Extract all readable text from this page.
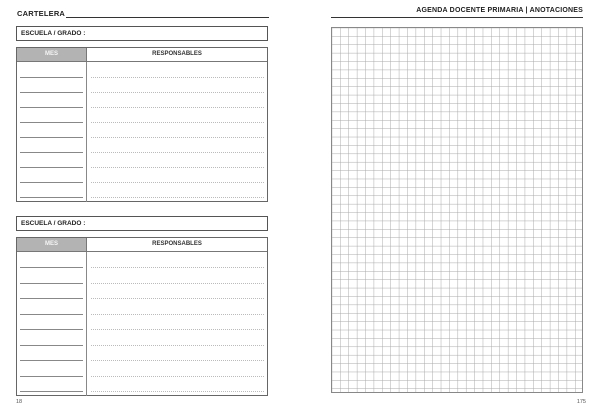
CARTELERA
ESCUELA / GRADO :
MES	RESPONSABLES
ESCUELA / GRADO :
MES	RESPONSABLES
18
AGENDA DOCENTE PRIMARIA | ANOTACIONES
175
